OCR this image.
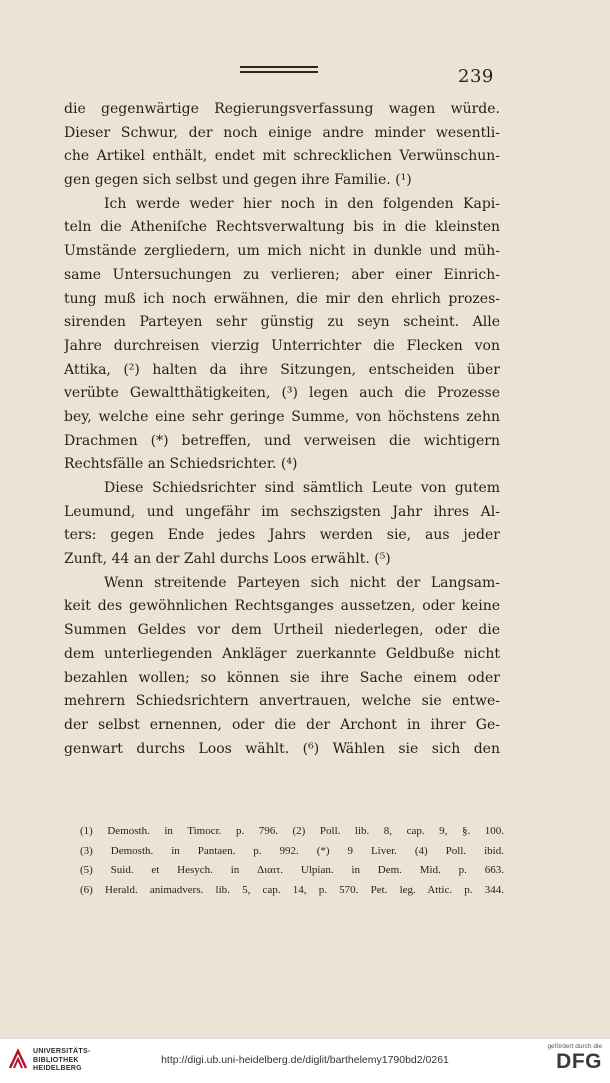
239
die gegenwärtige Regierungsverfassung wagen würde.
Dieser Schwur, der noch einige andre minder wesentli-
che Artikel enthält, endet mit schrecklichen Verwünschun-
gen gegen sich selbst und gegen ihre Familie. (¹)
Ich werde weder hier noch in den folgenden Kapi-
teln die Atheniſche Rechtsverwaltung bis in die kleinsten
Umstände zergliedern, um mich nicht in dunkle und müh-
same Untersuchungen zu verlieren; aber einer Einrich-
tung muß ich noch erwähnen, die mir den ehrlich prozes-
sirenden Parteyen sehr günstig zu seyn scheint. Alle
Jahre durchreisen vierzig Unterrichter die Flecken von
Attika, (²) halten da ihre Sitzungen, entscheiden über
verübte Gewaltthätigkeiten, (³) legen auch die Prozesse
bey, welche eine sehr geringe Summe, von höchstens zehn
Drachmen (*) betreffen, und verweisen die wichtigern
Rechtsfälle an Schiedsrichter. (⁴)
Diese Schiedsrichter sind sämtlich Leute von gutem
Leumund, und ungefähr im sechszigsten Jahr ihres Al-
ters: gegen Ende jedes Jahrs werden sie, aus jeder
Zunft, 44 an der Zahl durchs Loos erwählt. (⁵)
Wenn streitende Parteyen sich nicht der Langsam-
keit des gewöhnlichen Rechtsganges aussetzen, oder keine
Summen Geldes vor dem Urtheil niederlegen, oder die
dem unterliegenden Ankläger zuerkannte Geldbuße nicht
bezahlen wollen; so können sie ihre Sache einem oder
mehrern Schiedsrichtern anvertrauen, welche sie entwe-
der selbst ernennen, oder die der Archont in ihrer Ge-
genwart durchs Loos wählt. (⁶) Wählen sie sich den
(1) Demosth. in Timocr. p. 796. (2) Poll. lib. 8, cap. 9, §. 100.
(3) Demosth. in Pantaen. p. 992. (*) 9 Liver. (4) Poll. ibid.
(5) Suid. et Hesych. in Διαιτ. Ulpian. in Dem. Mid. p. 663.
(6) Herald. animadvers. lib. 5, cap. 14, p. 570. Pet. leg. Attic. p. 344.
UNIVERSITÄTS-
BIBLIOTHEK
HEIDELBERG
http://digi.ub.uni-heidelberg.de/diglit/barthelemy1790bd2/0261
gefördert durch die
DFG
